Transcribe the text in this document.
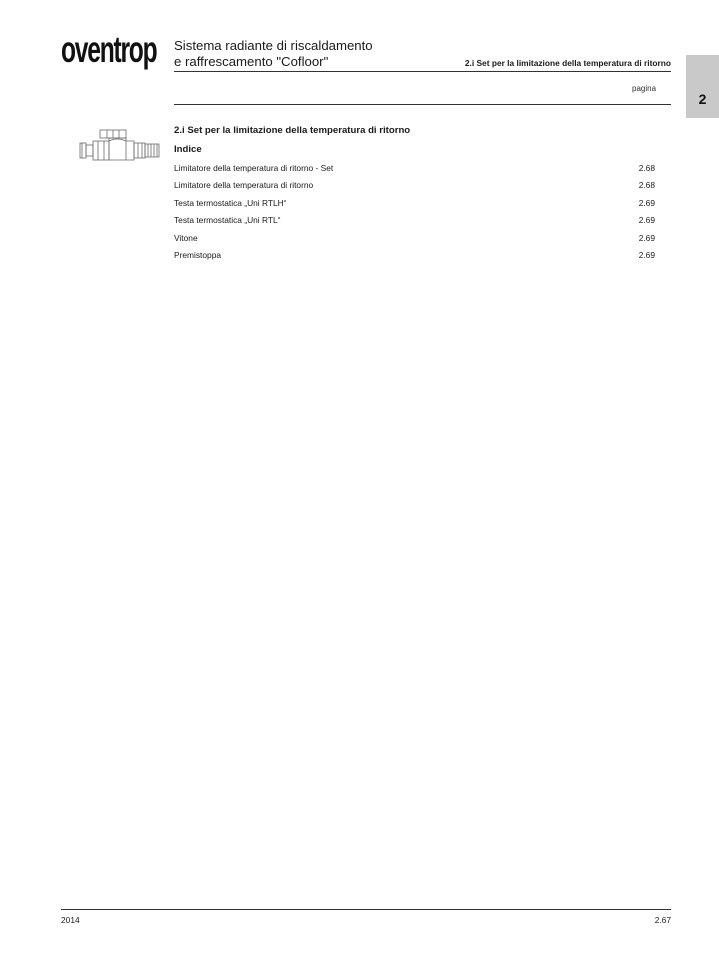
oventrop Sistema radiante di riscaldamento
e raffrescamento "Cofloor"	2.i Set per la limitazione della temperatura di ritorno
2
pagina
2.i Set per la limitazione della temperatura di ritorno
Indice
Limitatore della temperatura di ritorno - Set	2.68
Limitatore della temperatura di ritorno	2.68
Testa termostatica „Uni RTLH“	2.69
Testa termostatica „Uni RTL“	2.69
Vitone	2.69
Premistoppa	2.69
2014	2.67
